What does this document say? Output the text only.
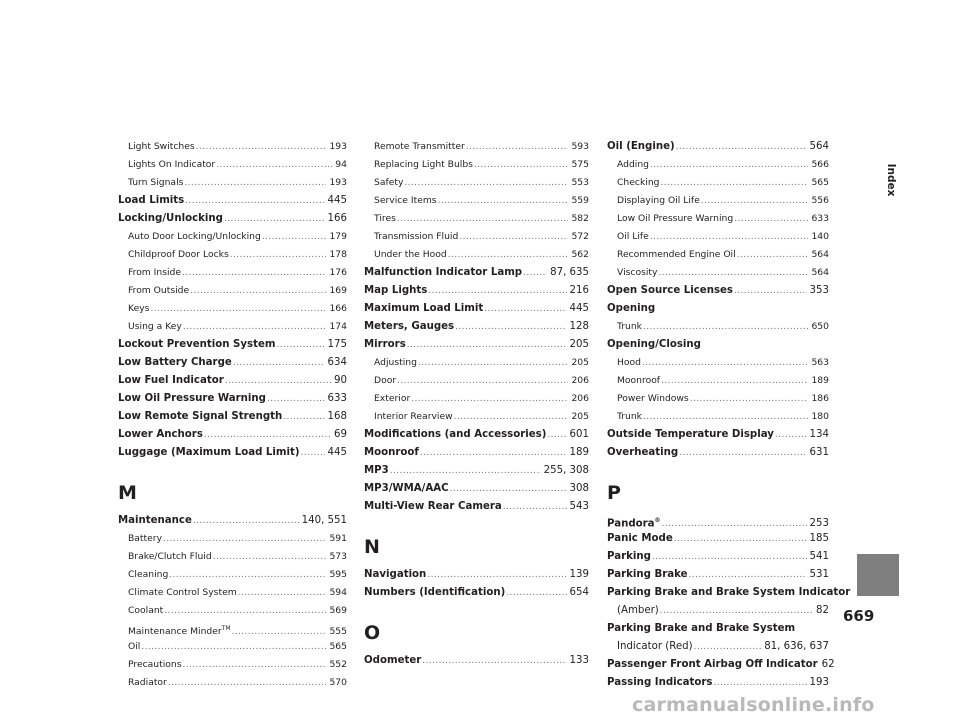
Light Switches .....	193
Lights On Indicator .....	94
Turn Signals .....	193
Load Limits .....	445
Locking/Unlocking .....	166
Auto Door Locking/Unlocking .....	179
Childproof Door Locks .....	178
From Inside .....	176
From Outside .....	169
Keys .....	166
Using a Key .....	174
Lockout Prevention System .....	175
Low Battery Charge .....	634
Low Fuel Indicator .....	90
Low Oil Pressure Warning .....	633
Low Remote Signal Strength .....	168
Lower Anchors .....	69
Luggage (Maximum Load Limit) .....	445
M
Maintenance .....	140, 551
Battery .....	591
Brake/Clutch Fluid .....	573
Cleaning .....	595
Climate Control System .....	594
Coolant .....	569
Maintenance Minder™ .....	555
Oil .....	565
Precautions .....	552
Radiator .....	570
Remote Transmitter .....	593
Replacing Light Bulbs .....	575
Safety .....	553
Service Items .....	559
Tires .....	582
Transmission Fluid .....	572
Under the Hood .....	562
Malfunction Indicator Lamp .....	87, 635
Map Lights .....	216
Maximum Load Limit .....	445
Meters, Gauges .....	128
Mirrors .....	205
Adjusting .....	205
Door .....	206
Exterior .....	206
Interior Rearview .....	205
Modifications (and Accessories) ..... 601
Moonroof .....	189
MP3 .....	255, 308
MP3/WMA/AAC .....	308
Multi-View Rear Camera .....	543
N
Navigation .....	139
Numbers (Identification) .....	654
O
Odometer .....	133
Oil (Engine) .....	564
Adding .....	566
Checking .....	565
Displaying Oil Life .....	556
Low Oil Pressure Warning .....	633
Oil Life .....	140
Recommended Engine Oil .....	564
Viscosity .....	564
Open Source Licenses .....	353
Opening
Trunk .....	650
Opening/Closing
Hood .....	563
Moonroof .....	189
Power Windows .....	186
Trunk .....	180
Outside Temperature Display .....	134
Overheating .....	631
P
Pandora® .....	253
Panic Mode .....	185
Parking .....	541
Parking Brake .....	531
Parking Brake and Brake System Indicator
(Amber) .....	82
Parking Brake and Brake System
Indicator (Red) .....	81, 636, 637
Passenger Front Airbag Off Indicator 62
Passing Indicators .....	193
Index
669
carmanualsonline.info
